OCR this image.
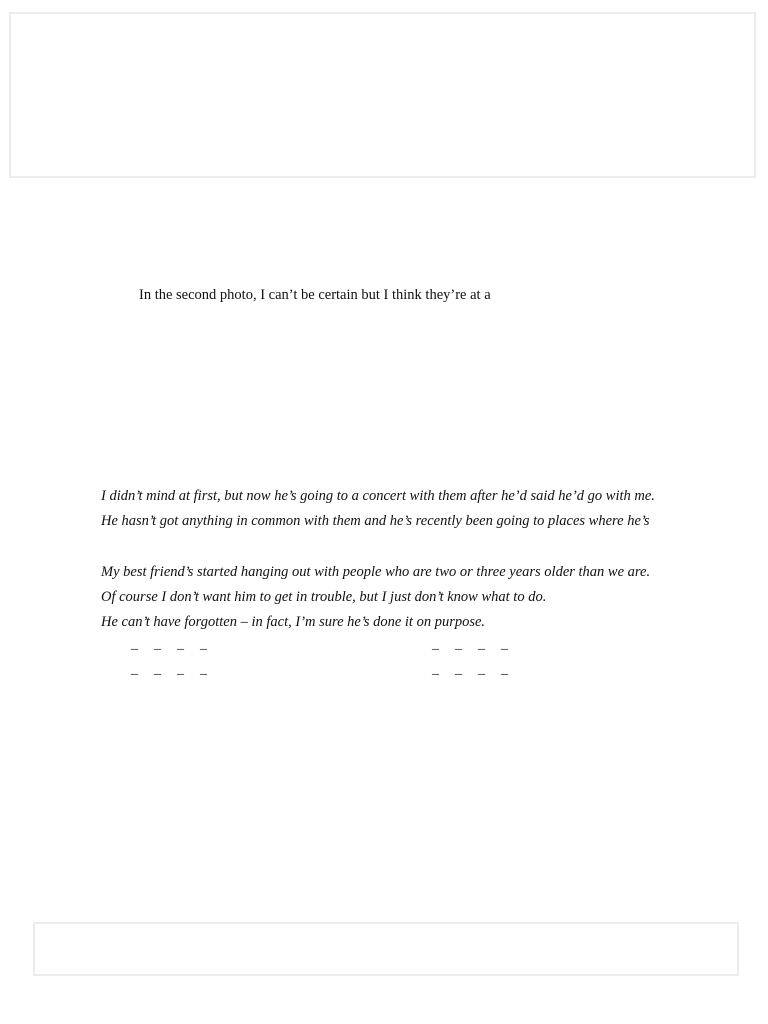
In the second photo, I can’t be certain but I think they’re at a

I didn’t mind at first, but now he’s going to a concert with them after he’d said he’d go with me.

He hasn’t got anything in common with them and he’s recently been going to places where he’s

My best friend’s started hanging out with people who are two or three years older than we are.

Of course I don’t want him to get in trouble, but I just don’t know what to do.

He can’t have forgotten – in fact, I’m sure he’s done it on purpose.

_ _ _ _	_ _ _ _
_ _ _ _	_ _ _ _
